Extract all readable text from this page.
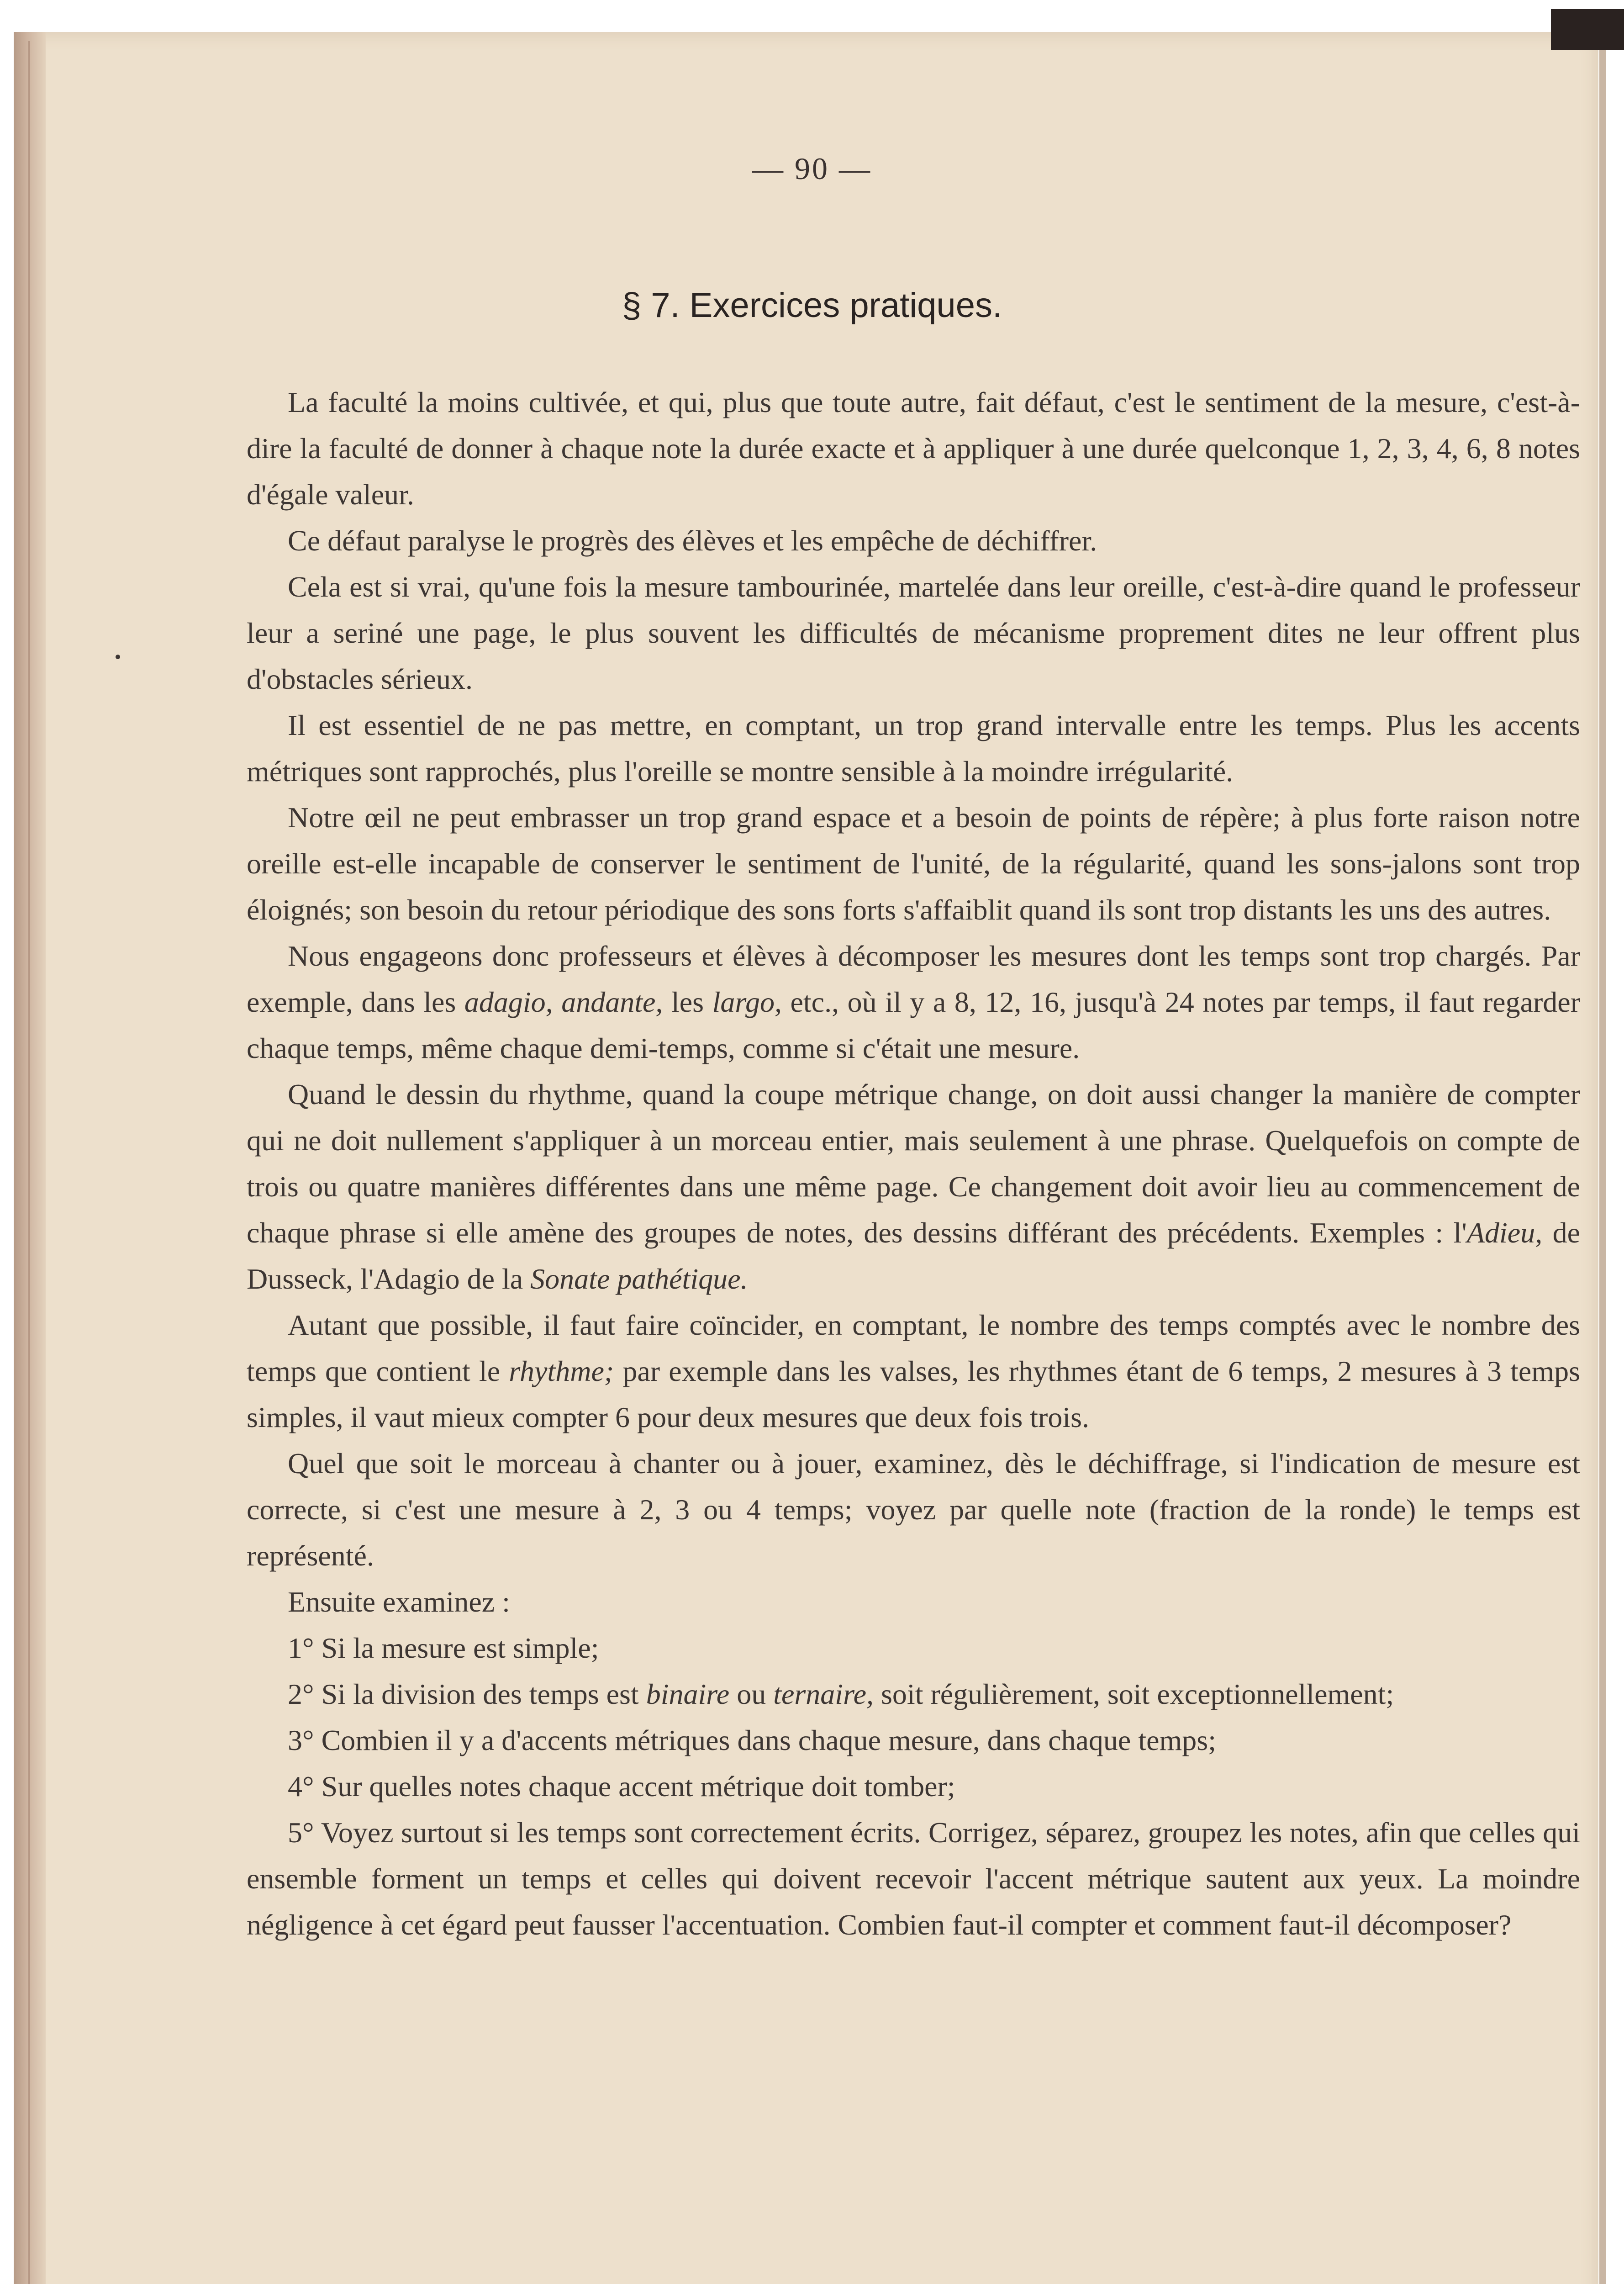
— 90 —
§ 7. Exercices pratiques.

La faculté la moins cultivée, et qui, plus que toute autre, fait défaut, c'est le sentiment de la mesure, c'est-à-dire la faculté de donner à chaque note la durée exacte et à appliquer à une durée quelconque 1, 2, 3, 4, 6, 8 notes d'égale valeur.

Ce défaut paralyse le progrès des élèves et les empêche de déchiffrer.

Cela est si vrai, qu'une fois la mesure tambourinée, martelée dans leur oreille, c'est-à-dire quand le professeur leur a seriné une page, le plus souvent les difficultés de mécanisme proprement dites ne leur offrent plus d'obstacles sérieux.

Il est essentiel de ne pas mettre, en comptant, un trop grand intervalle entre les temps. Plus les accents métriques sont rapprochés, plus l'oreille se montre sensible à la moindre irrégularité.

Notre œil ne peut embrasser un trop grand espace et a besoin de points de répère; à plus forte raison notre oreille est-elle incapable de conserver le sentiment de l'unité, de la régularité, quand les sons-jalons sont trop éloignés; son besoin du retour périodique des sons forts s'affaiblit quand ils sont trop distants les uns des autres.

Nous engageons donc professeurs et élèves à décomposer les mesures dont les temps sont trop chargés. Par exemple, dans les adagio, andante, les largo, etc., où il y a 8, 12, 16, jusqu'à 24 notes par temps, il faut regarder chaque temps, même chaque demi-temps, comme si c'était une mesure.

Quand le dessin du rhythme, quand la coupe métrique change, on doit aussi changer la manière de compter qui ne doit nullement s'appliquer à un morceau entier, mais seulement à une phrase. Quelquefois on compte de trois ou quatre manières différentes dans une même page. Ce changement doit avoir lieu au commencement de chaque phrase si elle amène des groupes de notes, des dessins différant des précédents. Exemples : l'Adieu, de Dusseck, l'Adagio de la Sonate pathétique.

Autant que possible, il faut faire coïncider, en comptant, le nombre des temps comptés avec le nombre des temps que contient le rhythme; par exemple dans les valses, les rhythmes étant de 6 temps, 2 mesures à 3 temps simples, il vaut mieux compter 6 pour deux mesures que deux fois trois.

Quel que soit le morceau à chanter ou à jouer, examinez, dès le déchiffrage, si l'indication de mesure est correcte, si c'est une mesure à 2, 3 ou 4 temps; voyez par quelle note (fraction de la ronde) le temps est représenté.

Ensuite examinez :

1° Si la mesure est simple;

2° Si la division des temps est binaire ou ternaire, soit régulièrement, soit exceptionnellement;

3° Combien il y a d'accents métriques dans chaque mesure, dans chaque temps;

4° Sur quelles notes chaque accent métrique doit tomber;

5° Voyez surtout si les temps sont correctement écrits. Corrigez, séparez, groupez les notes, afin que celles qui ensemble forment un temps et celles qui doivent recevoir l'accent métrique sautent aux yeux. La moindre négligence à cet égard peut fausser l'accentuation. Combien faut-il compter et comment faut-il décomposer?
